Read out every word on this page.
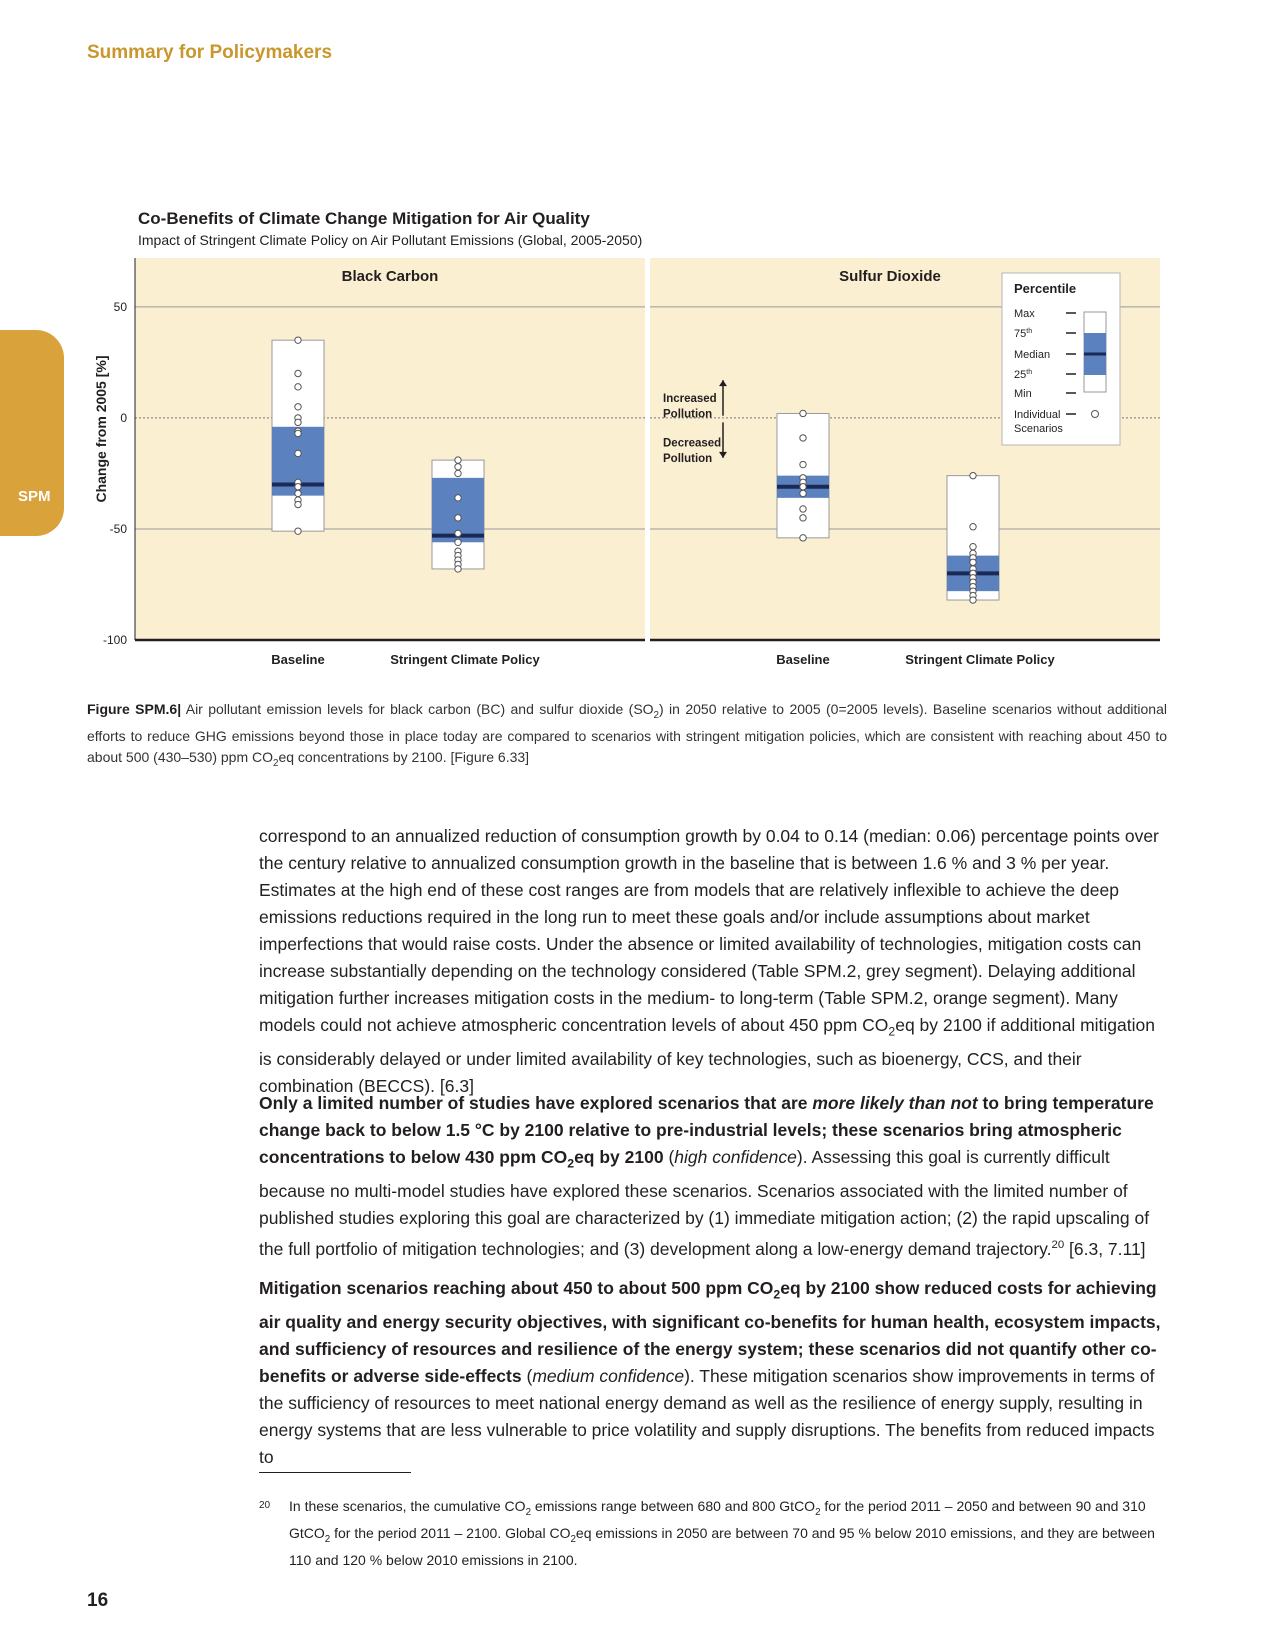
Summary for Policymakers
SPM
Co-Benefits of Climate Change Mitigation for Air Quality
Impact of Stringent Climate Policy on Air Pollutant Emissions (Global, 2005-2050)
50
0
-50
-100
Change from 2005 [%]
Black Carbon
Baseline	Stringent Climate Policy
Sulfur Dioxide
Baseline	Stringent Climate Policy
Increased
Pollution
Decreased
Pollution
Percentile
Max
75th
Median
25th
Min
Individual
Scenarios
Figure SPM.6| Air pollutant emission levels for black carbon (BC) and sulfur dioxide $(SO_2)$ in 2050 relative to 2005 (0=2005 levels). Baseline scenarios without additional efforts to reduce GHG emissions beyond those in place today are compared to scenarios with stringent mitigation policies, which are consistent with reaching about 450 to about 500 (430–530) ppm $CO_2eq$ concentrations by 2100. [Figure 6.33]

correspond to an annualized reduction of consumption growth by 0.04 to 0.14 (median: 0.06) percentage points over the century relative to annualized consumption growth in the baseline that is between 1.6 % and 3 % per year. Estimates at the high end of these cost ranges are from models that are relatively inflexible to achieve the deep emissions reductions required in the long run to meet these goals and/or include assumptions about market imperfections that would raise costs. Under the absence or limited availability of technologies, mitigation costs can increase substantially depending on the technology considered (Table SPM.2, grey segment). Delaying additional mitigation further increases mitigation costs in the medium- to long-term (Table SPM.2, orange segment). Many models could not achieve atmospheric concentration levels of about 450 ppm $CO_2eq$ by 2100 if additional mitigation is considerably delayed or under limited availability of key technologies, such as bioenergy, CCS, and their combination (BECCS). [6.3]

Only a limited number of studies have explored scenarios that are more likely than not to bring temperature change back to below 1.5 °C by 2100 relative to pre-industrial levels; these scenarios bring atmospheric concentrations to below 430 ppm $CO_2eq$ by 2100 (high confidence). Assessing this goal is currently difficult because no multi-model studies have explored these scenarios. Scenarios associated with the limited number of published studies exploring this goal are characterized by (1) immediate mitigation action; (2) the rapid upscaling of the full portfolio of mitigation technologies; and (3) development along a low-energy demand trajectory.$^{20}$ [6.3, 7.11]

Mitigation scenarios reaching about 450 to about 500 ppm $CO_2eq$ by 2100 show reduced costs for achieving air quality and energy security objectives, with significant co-benefits for human health, ecosystem impacts, and sufficiency of resources and resilience of the energy system; these scenarios did not quantify other co-benefits or adverse side-effects (medium confidence). These mitigation scenarios show improvements in terms of the sufficiency of resources to meet national energy demand as well as the resilience of energy supply, resulting in energy systems that are less vulnerable to price volatility and supply disruptions. The benefits from reduced impacts to

20 In these scenarios, the cumulative $CO_2$ emissions range between 680 and 800 GtCO$_2$ for the period 2011 – 2050 and between 90 and 310 GtCO$_2$ for the period 2011 – 2100. Global $CO_2eq$ emissions in 2050 are between 70 and 95 % below 2010 emissions, and they are between 110 and 120 % below 2010 emissions in 2100.
16
